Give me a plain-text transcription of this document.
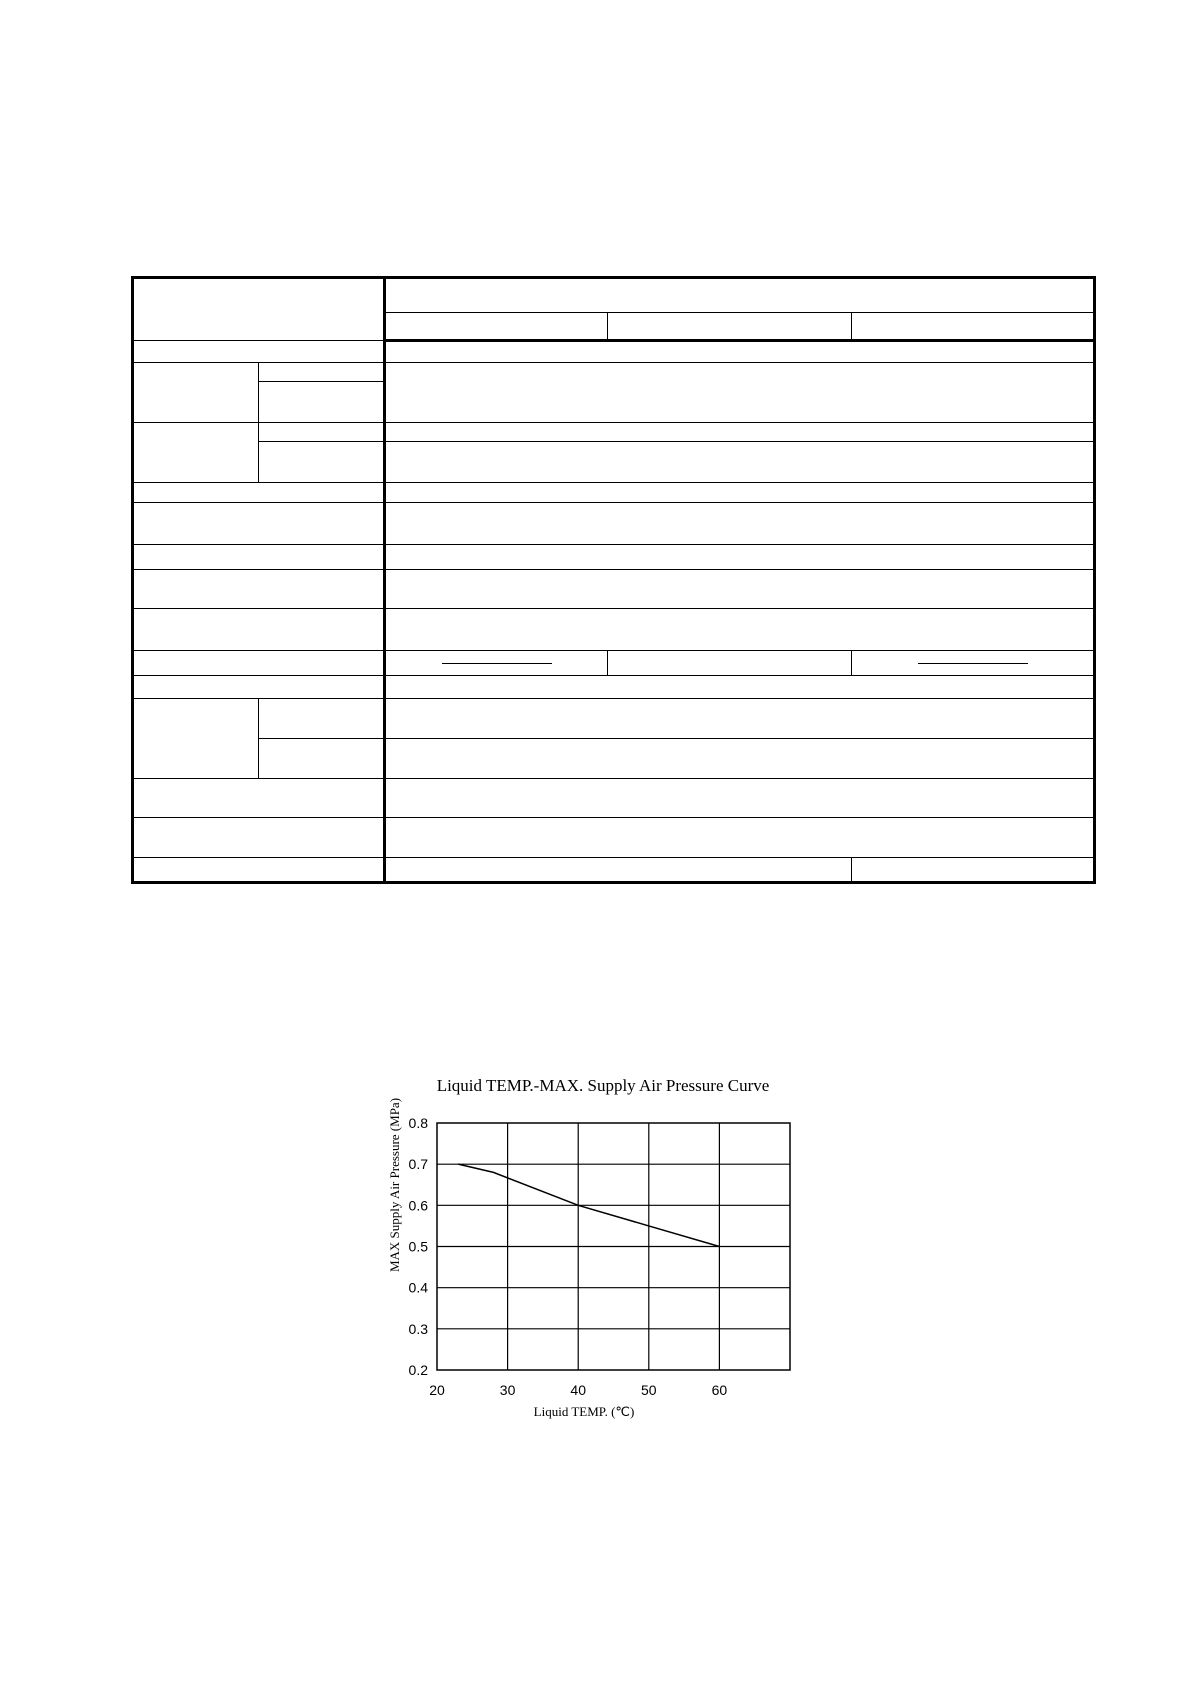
Liquid TEMP.-MAX. Supply Air Pressure Curve
0.2
0.3
0.4
0.5
0.6
0.7
0.8
20	30	40	50	60
Liquid TEMP. (℃)
MAX Supply Air Pressure (MPa)
